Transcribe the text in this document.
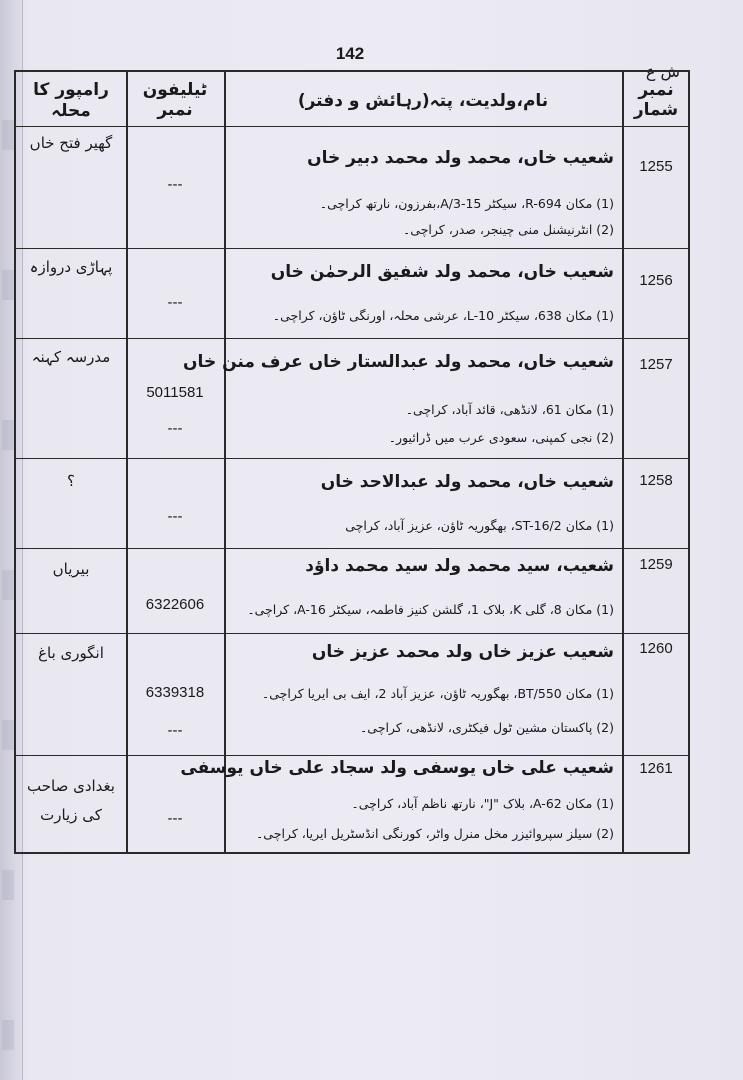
142
ش ع
نمبر شمار
نام،ولدیت، پتہ(رہائش و دفتر)
ٹیلیفون نمبر
رامپور کا محلہ
1255
شعیب خاں، محمد ولد محمد دبیر خاں
(1) مکان R-694، سیکٹر 15-A/3،بفرزون، نارتھ کراچی۔
(2) انٹرنیشنل منی چینجر، صدر، کراچی۔
---
گھیر فتح خاں
1256
شعیب خاں، محمد ولد شفیق الرحمٰن خاں
(1) مکان 638، سیکٹر L-10، عرشی محلہ، اورنگی ٹاؤن، کراچی۔
---
پہاڑی دروازہ
1257
شعیب خاں، محمد ولد عبدالستار خاں عرف منن خاں
(1) مکان 61، لانڈھی، قائد آباد، کراچی۔
(2) نجی کمپنی، سعودی عرب میں ڈرائیور۔
5011581
---
مدرسہ کہنہ
1258
شعیب خاں، محمد ولد عبدالاحد خاں
(1) مکان ST-16/2، بھگوریہ ٹاؤن، عزیز آباد، کراچی
---
؟
1259
شعیب، سید محمد ولد سید محمد داؤد
(1) مکان 8، گلی K، بلاک 1، گلشن کنیز فاطمہ، سیکٹر A-16، کراچی۔
6322606
بیریاں
1260
شعیب عزیز خاں ولد محمد عزیز خاں
(1) مکان BT/550، بھگوریہ ٹاؤن، عزیز آباد 2، ایف بی ایریا کراچی۔
(2) پاکستان مشین ٹول فیکٹری، لانڈھی، کراچی۔
6339318
---
انگوری باغ
1261
شعیب علی خاں یوسفی ولد سجاد علی خاں یوسفی
(1) مکان A-62، بلاک "J"، نارتھ ناظم آباد، کراچی۔
(2) سیلز سپروائیزر مخل منرل واٹر، کورنگی انڈسٹریل ایریا، کراچی۔
---
بغدادی صاحب کی زیارت
